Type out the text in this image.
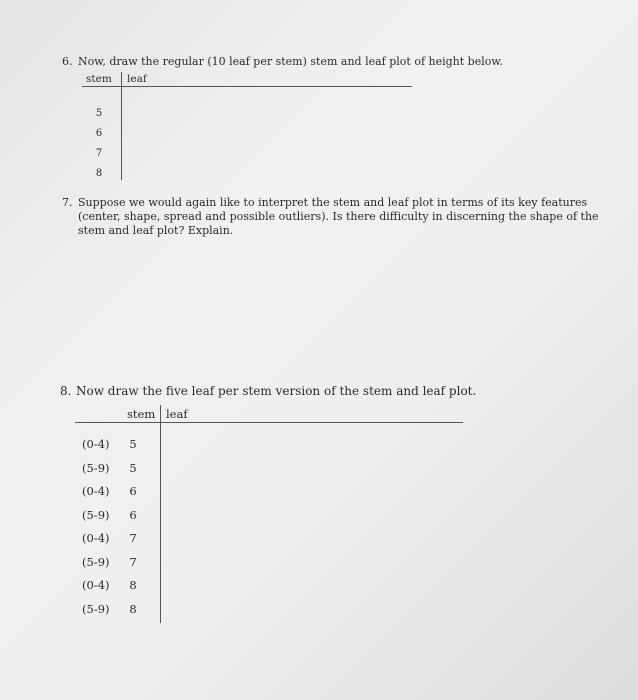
6. Now, draw the regular (10 leaf per stem) stem and leaf plot of height below.
stem leaf
5
6
7
8
7. Suppose we would again like to interpret the stem and leaf plot in terms of its key features (center, shape, spread and possible outliers). Is there difficulty in discerning the shape of the stem and leaf plot? Explain.
8. Now draw the five leaf per stem version of the stem and leaf plot.
stem leaf
(0-4) 5
(5-9) 5
(0-4) 6
(5-9) 6
(0-4) 7
(5-9) 7
(0-4) 8
(5-9) 8
